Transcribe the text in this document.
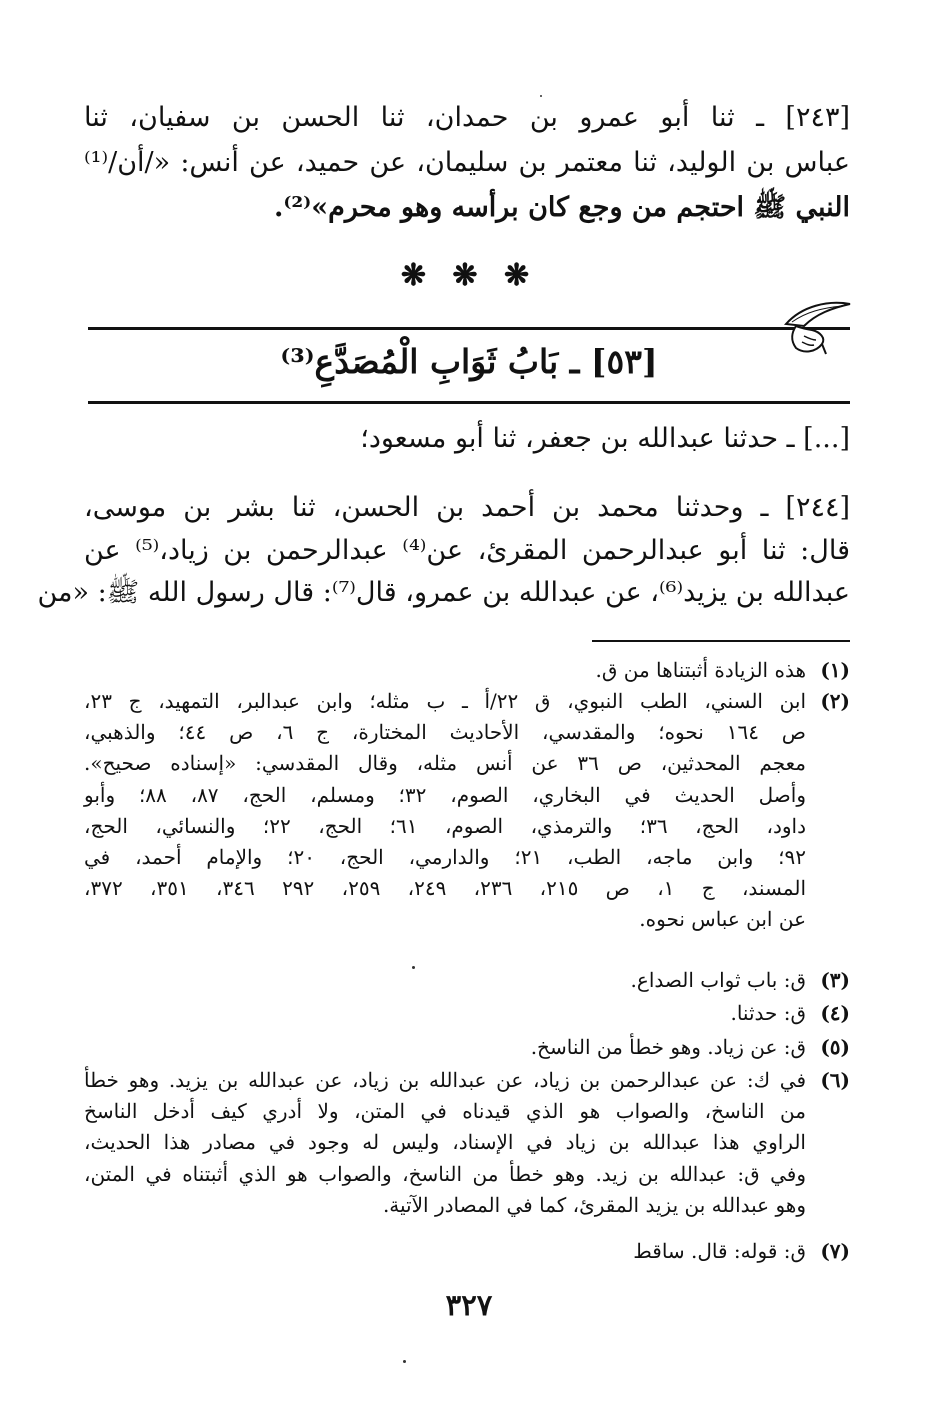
[٢٤٣] ـ ثنا أبو عمرو بن حمدان، ثنا الحسن بن سفيان، ثنا
عباس بن الوليد، ثنا معتمر بن سليمان، عن حميد، عن أنس: «/أن/⁽¹⁾
النبي ﷺ احتجم من وجع كان برأسه وهو محرم»⁽²⁾.
❋ ❋ ❋
[٥٣] ـ بَابُ ثَوَابِ الْمُصَدَّعِ⁽³⁾
[...] ـ حدثنا عبدالله بن جعفر، ثنا أبو مسعود؛
[٢٤٤] ـ وحدثنا محمد بن أحمد بن الحسن، ثنا بشر بن موسى،
قال: ثنا أبو عبدالرحمن المقرئ، عن⁽⁴⁾ عبدالرحمن بن زياد،⁽⁵⁾ عن
عبدالله بن يزيد⁽⁶⁾، عن عبدالله بن عمرو، قال⁽⁷⁾: قال رسول الله ﷺ: «من
(١)
هذه الزيادة أثبتناها من ق.
(٢)
ابن السني، الطب النبوي، ق ٢٢/أ ـ ب مثله؛ وابن عبدالبر، التمهيد، ج ٢٣،
ص ١٦٤ نحوه؛ والمقدسي، الأحاديث المختارة، ج ٦، ص ٤٤؛ والذهبي،
معجم المحدثين، ص ٣٦ عن أنس مثله، وقال المقدسي: «إسناده صحيح».
وأصل الحديث في البخاري، الصوم، ٣٢؛ ومسلم، الحج، ٨٧، ٨٨؛ وأبو
داود، الحج، ٣٦؛ والترمذي، الصوم، ٦١؛ الحج، ٢٢؛ والنسائي، الحج،
٩٢؛ وابن ماجه، الطب، ٢١؛ والدارمي، الحج، ٢٠؛ والإمام أحمد، في
المسند، ج ١، ص ٢١٥، ٢٣٦، ٢٤٩، ٢٥٩، ٢٩٢ ٣٤٦، ٣٥١، ٣٧٢،
عن ابن عباس نحوه.
(٣)
ق: باب ثواب الصداع.
(٤)
ق: حدثنا.
(٥)
ق: عن زياد. وهو خطأ من الناسخ.
(٦)
في ك: عن عبدالرحمن بن زياد، عن عبدالله بن زياد، عن عبدالله بن يزيد. وهو خطأ
من الناسخ، والصواب هو الذي قيدناه في المتن، ولا أدري كيف أدخل الناسخ
الراوي هذا عبدالله بن زياد في الإسناد، وليس له وجود في مصادر هذا الحديث،
وفي ق: عبدالله بن زيد. وهو خطأ من الناسخ، والصواب هو الذي أثبتناه في المتن،
وهو عبدالله بن يزيد المقرئ، كما في المصادر الآتية.
(٧)
ق: قوله: قال. ساقط
٣٢٧
